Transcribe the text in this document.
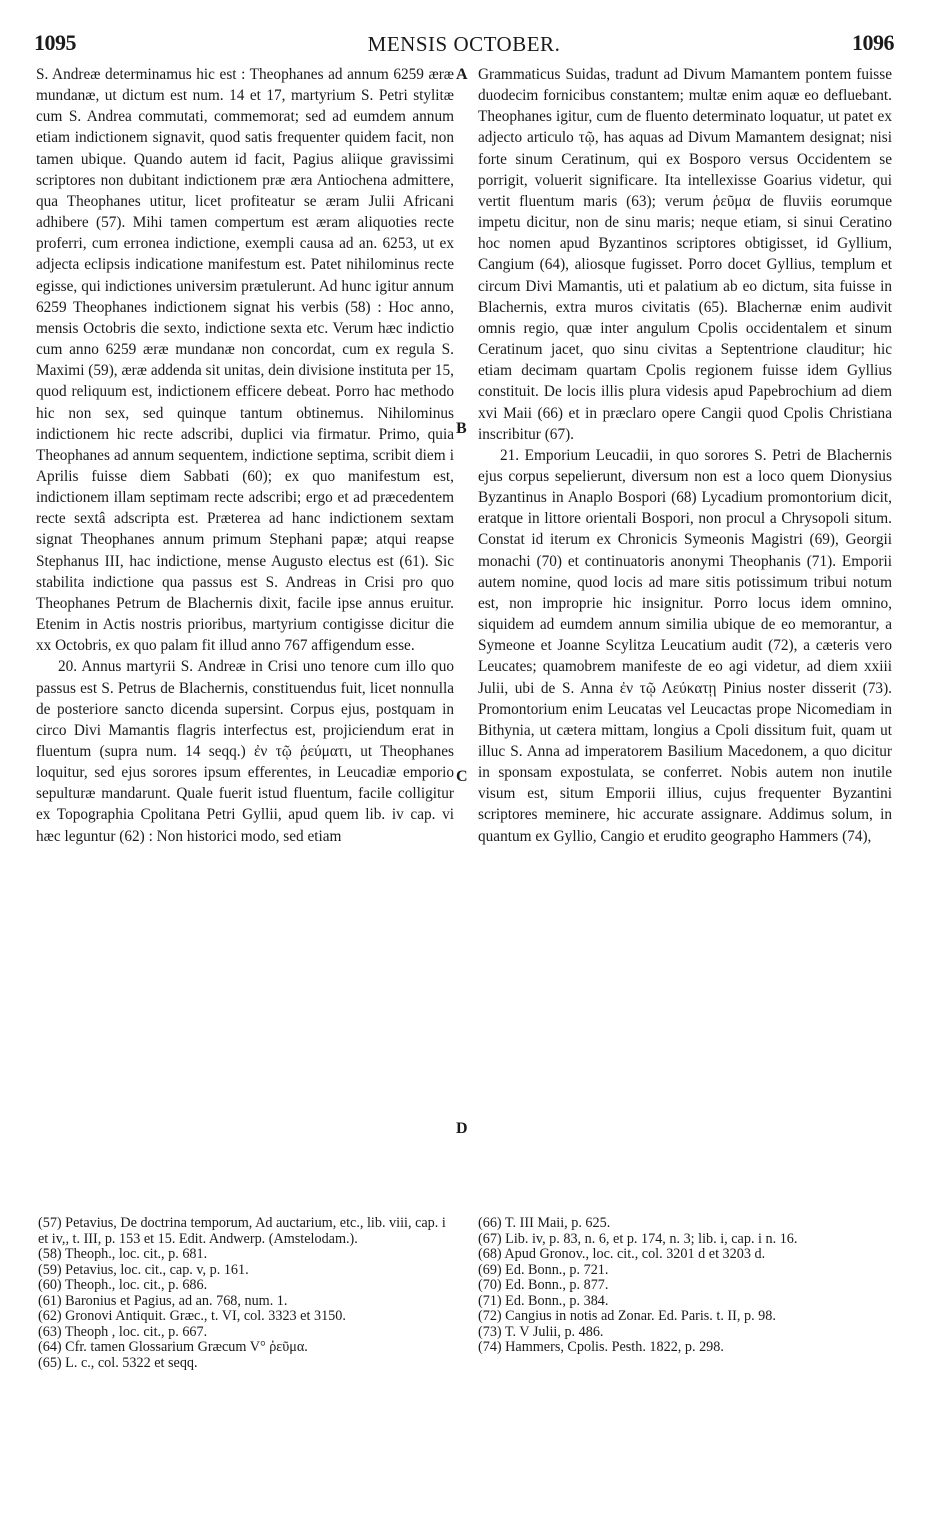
1095	MENSIS OCTOBER.	1096

S. Andreæ determinamus hic est : Theophanes ad annum 6259 æræ mundanæ, ut dictum est num. 14 et 17, martyrium S. Petri stylitæ cum S. Andrea commutati, commemorat; sed ad eumdem annum etiam indictionem signavit, quod satis frequenter quidem facit, non tamen ubique. Quando autem id facit, Pagius aliique gravissimi scriptores non dubitant indictionem præ æra Antiochena admittere, qua Theophanes utitur, licet profiteatur se æram Julii Africani adhibere (57). Mihi tamen compertum est æram aliquoties recte proferri, cum erronea indictione, exempli causa ad an. 6253, ut ex adjecta eclipsis indicatione manifestum est. Patet nihilominus recte egisse, qui indictiones universim prætulerunt. Ad hunc igitur annum 6259 Theophanes indictionem signat his verbis (58) : Hoc anno, mensis Octobris die sexto, indictione sexta etc. Verum hæc indictio cum anno 6259 æræ mundanæ non concordat, cum ex regula S. Maximi (59), æræ addenda sit unitas, dein divisione instituta per 15, quod reliquum est, indictionem efficere debeat. Porro hac methodo hic non sex, sed quinque tantum obtinemus. Nihilominus indictionem hic recte adscribi, duplici via firmatur. Primo, quia Theophanes ad annum sequentem, indictione septima, scribit diem i Aprilis fuisse diem Sabbati (60); ex quo manifestum est, indictionem illam septimam recte adscribi; ergo et ad præcedentem recte sextâ adscripta est. Præterea ad hanc indictionem sextam signat Theophanes annum primum Stephani papæ; atqui reapse Stephanus III, hac indictione, mense Augusto electus est (61). Sic stabilita indictione qua passus est S. Andreas in Crisi pro quo Theophanes Petrum de Blachernis dixit, facile ipse annus eruitur. Etenim in Actis nostris prioribus, martyrium contigisse dicitur die xx Octobris, ex quo palam fit illud anno 767 affigendum esse.

20. Annus martyrii S. Andreæ in Crisi uno tenore cum illo quo passus est S. Petrus de Blachernis, constituendus fuit, licet nonnulla de posteriore sancto dicenda supersint. Corpus ejus, postquam in circo Divi Mamantis flagris interfectus est, projiciendum erat in fluentum (supra num. 14 seqq.) ἐν τῷ ῥεύματι, ut Theophanes loquitur, sed ejus sorores ipsum efferentes, in Leucadiæ emporio sepulturæ mandarunt. Quale fuerit istud fluentum, facile colligitur ex Topographia Cpolitana Petri Gyllii, apud quem lib. iv cap. vi hæc leguntur (62) : Non historici modo, sed etiam

A
B
C
D

Grammaticus Suidas, tradunt ad Divum Mamantem pontem fuisse duodecim fornicibus constantem; multæ enim aquæ eo defluebant. Theophanes igitur, cum de fluento determinato loquatur, ut patet ex adjecto articulo τῷ, has aquas ad Divum Mamantem designat; nisi forte sinum Ceratinum, qui ex Bosporo versus Occidentem se porrigit, voluerit significare. Ita intellexisse Goarius videtur, qui vertit fluentum maris (63); verum ῥεῦμα de fluviis eorumque impetu dicitur, non de sinu maris; neque etiam, si sinui Ceratino hoc nomen apud Byzantinos scriptores obtigisset, id Gyllium, Cangium (64), aliosque fugisset. Porro docet Gyllius, templum et circum Divi Mamantis, uti et palatium ab eo dictum, sita fuisse in Blachernis, extra muros civitatis (65). Blachernæ enim audivit omnis regio, quæ inter angulum Cpolis occidentalem et sinum Ceratinum jacet, quo sinu civitas a Septentrione clauditur; hic etiam decimam quartam Cpolis regionem fuisse idem Gyllius constituit. De locis illis plura videsis apud Papebrochium ad diem xvi Maii (66) et in præclaro opere Cangii quod Cpolis Christiana inscribitur (67).

21. Emporium Leucadii, in quo sorores S. Petri de Blachernis ejus corpus sepelierunt, diversum non est a loco quem Dionysius Byzantinus in Anaplo Bospori (68) Lycadium promontorium dicit, eratque in littore orientali Bospori, non procul a Chrysopoli situm. Constat id iterum ex Chronicis Symeonis Magistri (69), Georgii monachi (70) et continuatoris anonymi Theophanis (71). Emporii autem nomine, quod locis ad mare sitis potissimum tribui notum est, non improprie hic insignitur. Porro locus idem omnino, siquidem ad eumdem annum similia ubique de eo memorantur, a Symeone et Joanne Scylitza Leucatium audit (72), a cæteris vero Leucates; quamobrem manifeste de eo agi videtur, ad diem xxiii Julii, ubi de S. Anna ἐν τῷ Λεύκατῃ Pinius noster disserit (73). Promontorium enim Leucatas vel Leucactas prope Nicomediam in Bithynia, ut cætera mittam, longius a Cpoli dissitum fuit, quam ut illuc S. Anna ad imperatorem Basilium Macedonem, a quo dicitur in sponsam expostulata, se conferret. Nobis autem non inutile visum est, situm Emporii illius, cujus frequenter Byzantini scriptores meminere, hic accurate assignare. Addimus solum, in quantum ex Gyllio, Cangio et erudito geographo Hammers (74),

(57) Petavius, De doctrina temporum, Ad auctarium, etc., lib. viii, cap. i et iv,, t. III, p. 153 et 15. Edit. Andwerp. (Amstelodam.).
(58) Theoph., loc. cit., p. 681.
(59) Petavius, loc. cit., cap. v, p. 161.
(60) Theoph., loc. cit., p. 686.
(61) Baronius et Pagius, ad an. 768, num. 1.
(62) Gronovi Antiquit. Græc., t. VI, col. 3323 et 3150.
(63) Theoph , loc. cit., p. 667.
(64) Cfr. tamen Glossarium Græcum V° ῥεῦμα.
(65) L. c., col. 5322 et seqq.
(66) T. III Maii, p. 625.
(67) Lib. iv, p. 83, n. 6, et p. 174, n. 3; lib. i, cap. i n. 16.
(68) Apud Gronov., loc. cit., col. 3201 d et 3203 d.
(69) Ed. Bonn., p. 721.
(70) Ed. Bonn., p. 877.
(71) Ed. Bonn., p. 384.
(72) Cangius in notis ad Zonar. Ed. Paris. t. II, p. 98.
(73) T. V Julii, p. 486.
(74) Hammers, Cpolis. Pesth. 1822, p. 298.
